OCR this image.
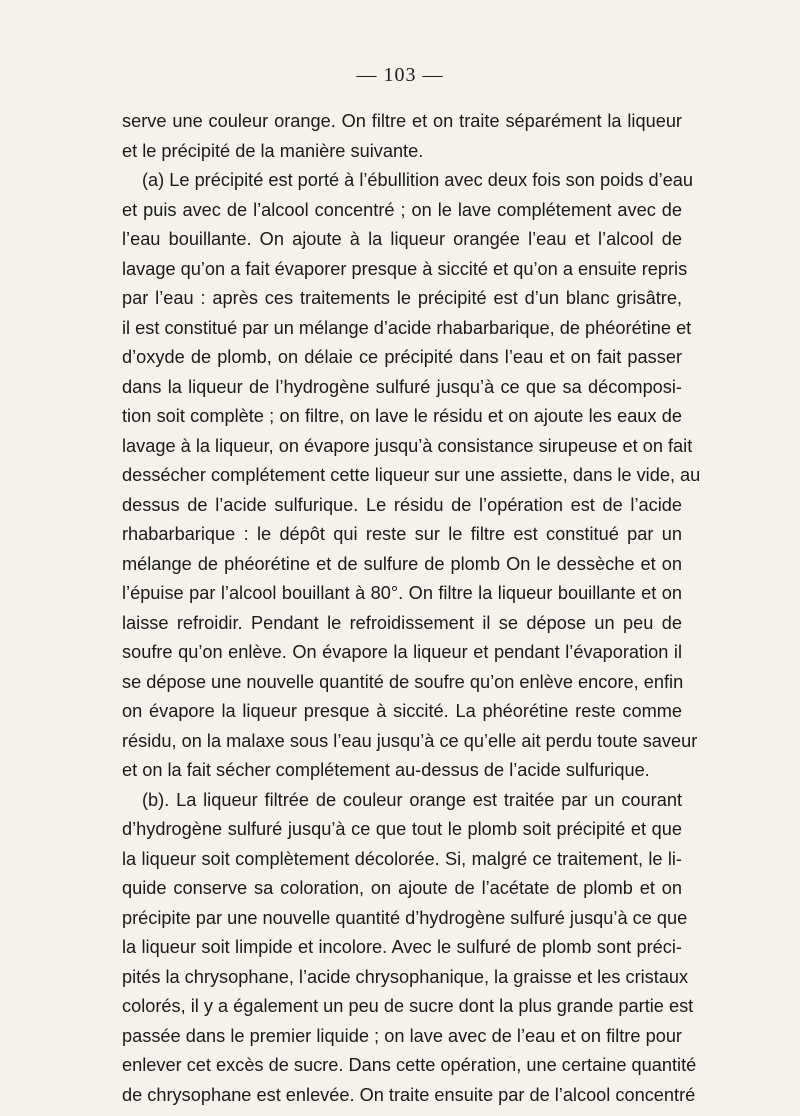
— 103 —
serve une couleur orange. On filtre et on traite séparément la liqueur
et le précipité de la manière suivante.
(a) Le précipité est porté à l’ébullition avec deux fois son poids d’eau
et puis avec de l’alcool concentré ; on le lave complétement avec de
l’eau bouillante. On ajoute à la liqueur orangée l’eau et l’alcool de
lavage qu’on a fait évaporer presque à siccité et qu’on a ensuite repris
par l’eau : après ces traitements le précipité est d’un blanc grisâtre,
il est constitué par un mélange d’acide rhabarbarique, de phéorétine et
d’oxyde de plomb, on délaie ce précipité dans l’eau et on fait passer
dans la liqueur de l’hydrogène sulfuré jusqu’à ce que sa décomposi-
tion soit complète ; on filtre, on lave le résidu et on ajoute les eaux de
lavage à la liqueur, on évapore jusqu’à consistance sirupeuse et on fait
dessécher complétement cette liqueur sur une assiette, dans le vide, au
dessus de l’acide sulfurique. Le résidu de l’opération est de l’acide
rhabarbarique : le dépôt qui reste sur le filtre est constitué par un
mélange de phéorétine et de sulfure de plomb On le dessèche et on
l’épuise par l’alcool bouillant à 80°. On filtre la liqueur bouillante et on
laisse refroidir. Pendant le refroidissement il se dépose un peu de
soufre qu’on enlève. On évapore la liqueur et pendant l’évaporation il
se dépose une nouvelle quantité de soufre qu’on enlève encore, enfin
on évapore la liqueur presque à siccité. La phéorétine reste comme
résidu, on la malaxe sous l’eau jusqu’à ce qu’elle ait perdu toute saveur
et on la fait sécher complétement au-dessus de l’acide sulfurique.
(b). La liqueur filtrée de couleur orange est traitée par un courant
d’hydrogène sulfuré jusqu’à ce que tout le plomb soit précipité et que
la liqueur soit complètement décolorée. Si, malgré ce traitement, le li-
quide conserve sa coloration, on ajoute de l’acétate de plomb et on
précipite par une nouvelle quantité d’hydrogène sulfuré jusqu’à ce que
la liqueur soit limpide et incolore. Avec le sulfuré de plomb sont préci-
pités la chrysophane, l’acide chrysophanique, la graisse et les cristaux
colorés, il y a également un peu de sucre dont la plus grande partie est
passée dans le premier liquide ; on lave avec de l’eau et on filtre pour
enlever cet excès de sucre. Dans cette opération, une certaine quantité
de chrysophane est enlevée. On traite ensuite par de l’alcool concentré
